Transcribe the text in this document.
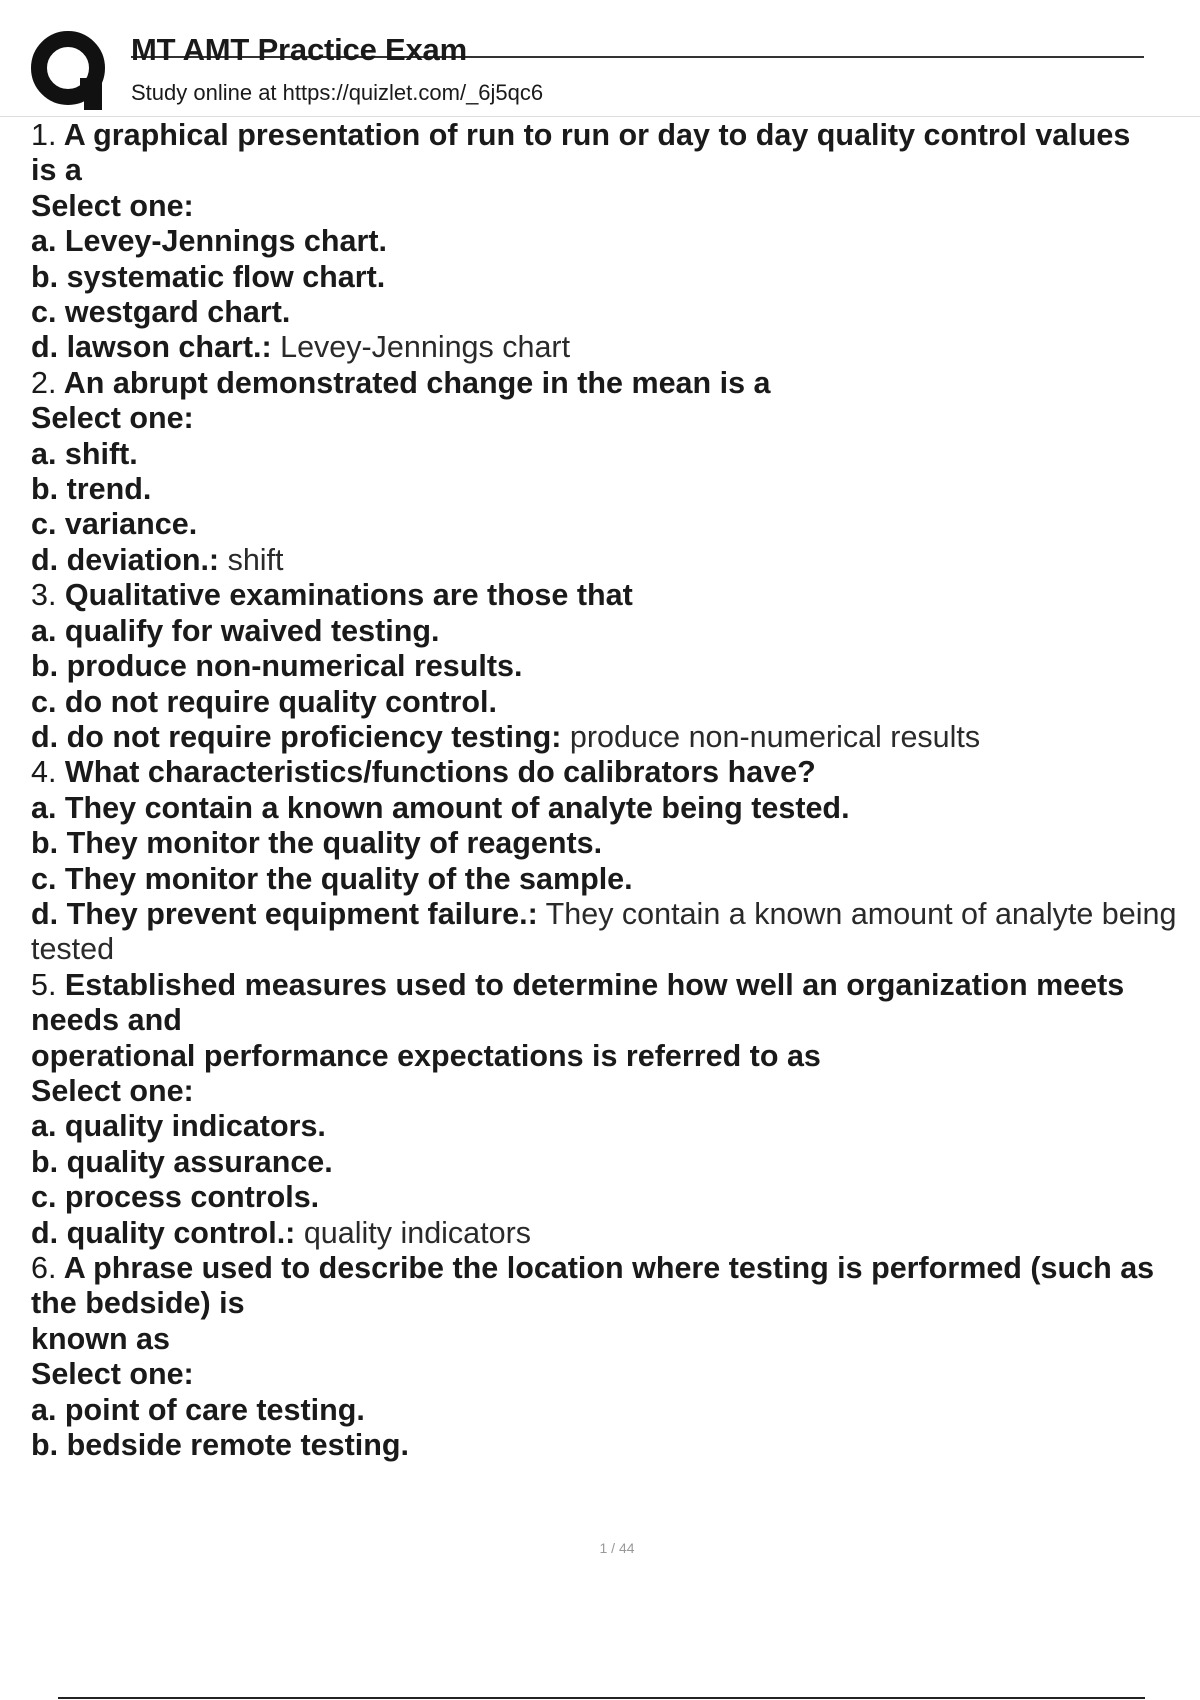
MT AMT Practice Exam
Study online at https://quizlet.com/_6j5qc6
1. A graphical presentation of run to run or day to day quality control values
is a
Select one:
a. Levey-Jennings chart.
b. systematic flow chart.
c. westgard chart.
d. lawson chart.: Levey-Jennings chart
2. An abrupt demonstrated change in the mean is a
Select one:
a. shift.
b. trend.
c. variance.
d. deviation.: shift
3. Qualitative examinations are those that
a. qualify for waived testing.
b. produce non-numerical results.
c. do not require quality control.
d. do not require proficiency testing: produce non-numerical results
4. What characteristics/functions do calibrators have?
a. They contain a known amount of analyte being tested.
b. They monitor the quality of reagents.
c. They monitor the quality of the sample.
d. They prevent equipment failure.: They contain a known amount of analyte being
tested
5. Established measures used to determine how well an organization meets
needs and
operational performance expectations is referred to as
Select one:
a. quality indicators.
b. quality assurance.
c. process controls.
d. quality control.: quality indicators
6. A phrase used to describe the location where testing is performed (such as
the bedside) is
known as
Select one:
a. point of care testing.
b. bedside remote testing.
1 / 44
